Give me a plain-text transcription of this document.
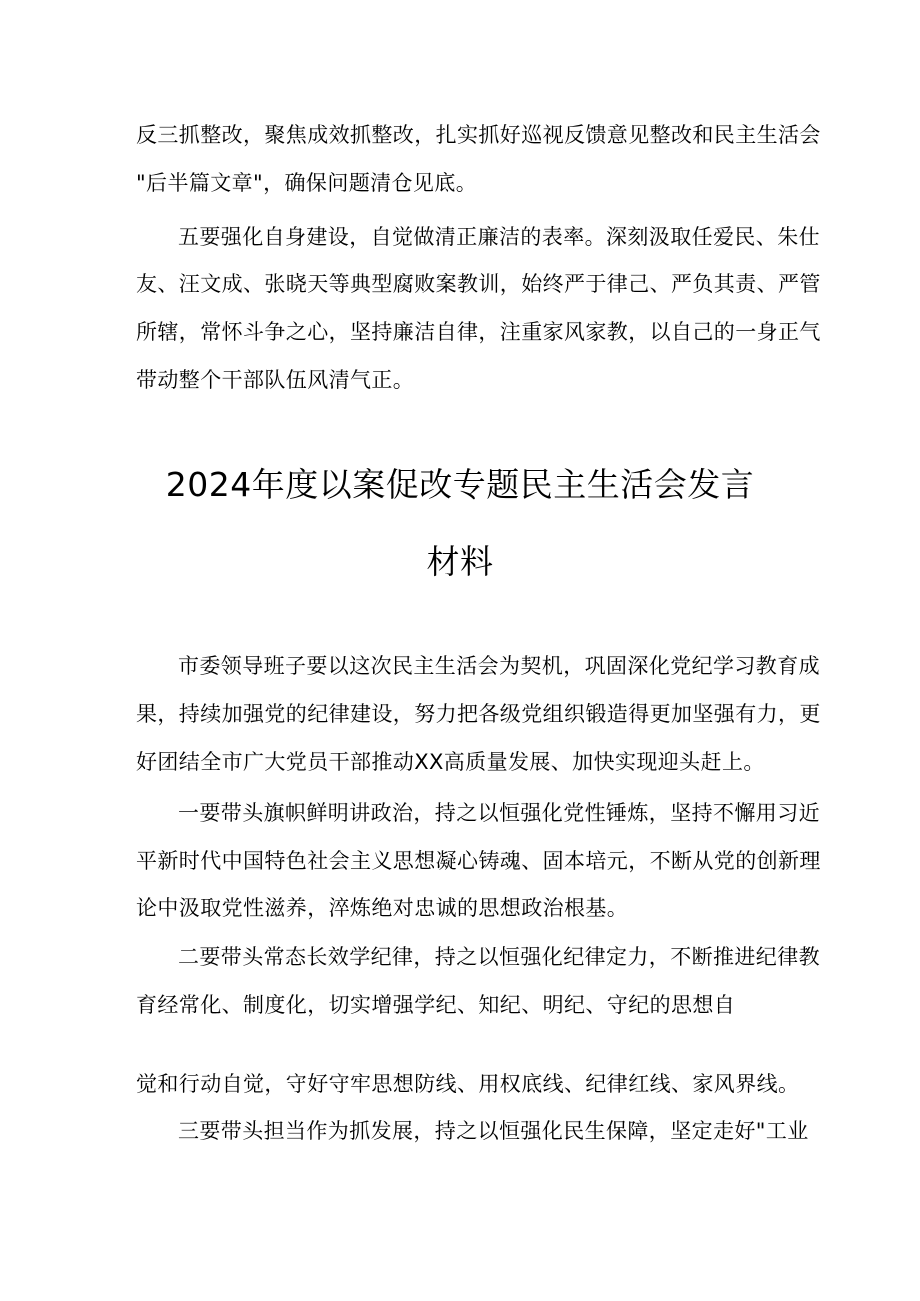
反三抓整改，聚焦成效抓整改，扎实抓好巡视反馈意见整改和民主生活会
"后半篇文章"，确保问题清仓见底。
五要强化自身建设，自觉做清正廉洁的表率。深刻汲取任爱民、朱仕
友、汪文成、张晓天等典型腐败案教训，始终严于律己、严负其责、严管
所辖，常怀斗争之心，坚持廉洁自律，注重家风家教，以自己的一身正气
带动整个干部队伍风清气正。
2024年度以案促改专题民主生活会发言
材料
市委领导班子要以这次民主生活会为契机，巩固深化党纪学习教育成
果，持续加强党的纪律建设，努力把各级党组织锻造得更加坚强有力，更
好团结全市广大党员干部推动XX高质量发展、加快实现迎头赶上。
一要带头旗帜鲜明讲政治，持之以恒强化党性锤炼，坚持不懈用习近
平新时代中国特色社会主义思想凝心铸魂、固本培元，不断从党的创新理
论中汲取党性滋养，淬炼绝对忠诚的思想政治根基。
二要带头常态长效学纪律，持之以恒强化纪律定力，不断推进纪律教
育经常化、制度化，切实增强学纪、知纪、明纪、守纪的思想自
觉和行动自觉，守好守牢思想防线、用权底线、纪律红线、家风界线。
三要带头担当作为抓发展，持之以恒强化民生保障，坚定走好"工业
